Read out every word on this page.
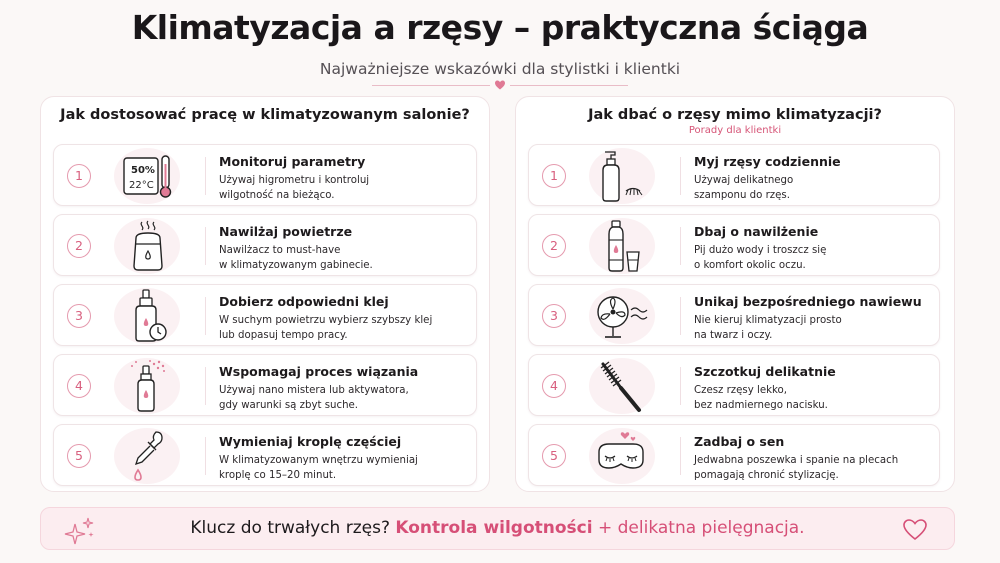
Klimatyzacja a rzęsy – praktyczna ściąga
Najważniejsze wskazówki dla stylistki i klientki
Jak dostosować pracę w klimatyzowanym salonie?
1	50%
22°C
Monitoruj parametry
Używaj higrometru i kontroluj
wilgotność na bieżąco.
2
Nawilżaj powietrze
Nawilżacz to must-have
w klimatyzowanym gabinecie.
3
Dobierz odpowiedni klej
W suchym powietrzu wybierz szybszy klej
lub dopasuj tempo pracy.
4
Wspomagaj proces wiązania
Używaj nano mistera lub aktywatora,
gdy warunki są zbyt suche.
5
Wymieniaj kroplę częściej
W klimatyzowanym wnętrzu wymieniaj
kroplę co 15–20 minut.
Jak dbać o rzęsy mimo klimatyzacji?
Porady dla klientki
1
Myj rzęsy codziennie
Używaj delikatnego
szamponu do rzęs.
2
Dbaj o nawilżenie
Pij dużo wody i troszcz się
o komfort okolic oczu.
3
Unikaj bezpośredniego nawiewu
Nie kieruj klimatyzacji prosto
na twarz i oczy.
4
Szczotkuj delikatnie
Czesz rzęsy lekko,
bez nadmiernego nacisku.
5
Zadbaj o sen
Jedwabna poszewka i spanie na plecach
pomagają chronić stylizację.
Klucz do trwałych rzęs? Kontrola wilgotności + delikatna pielęgnacja.
